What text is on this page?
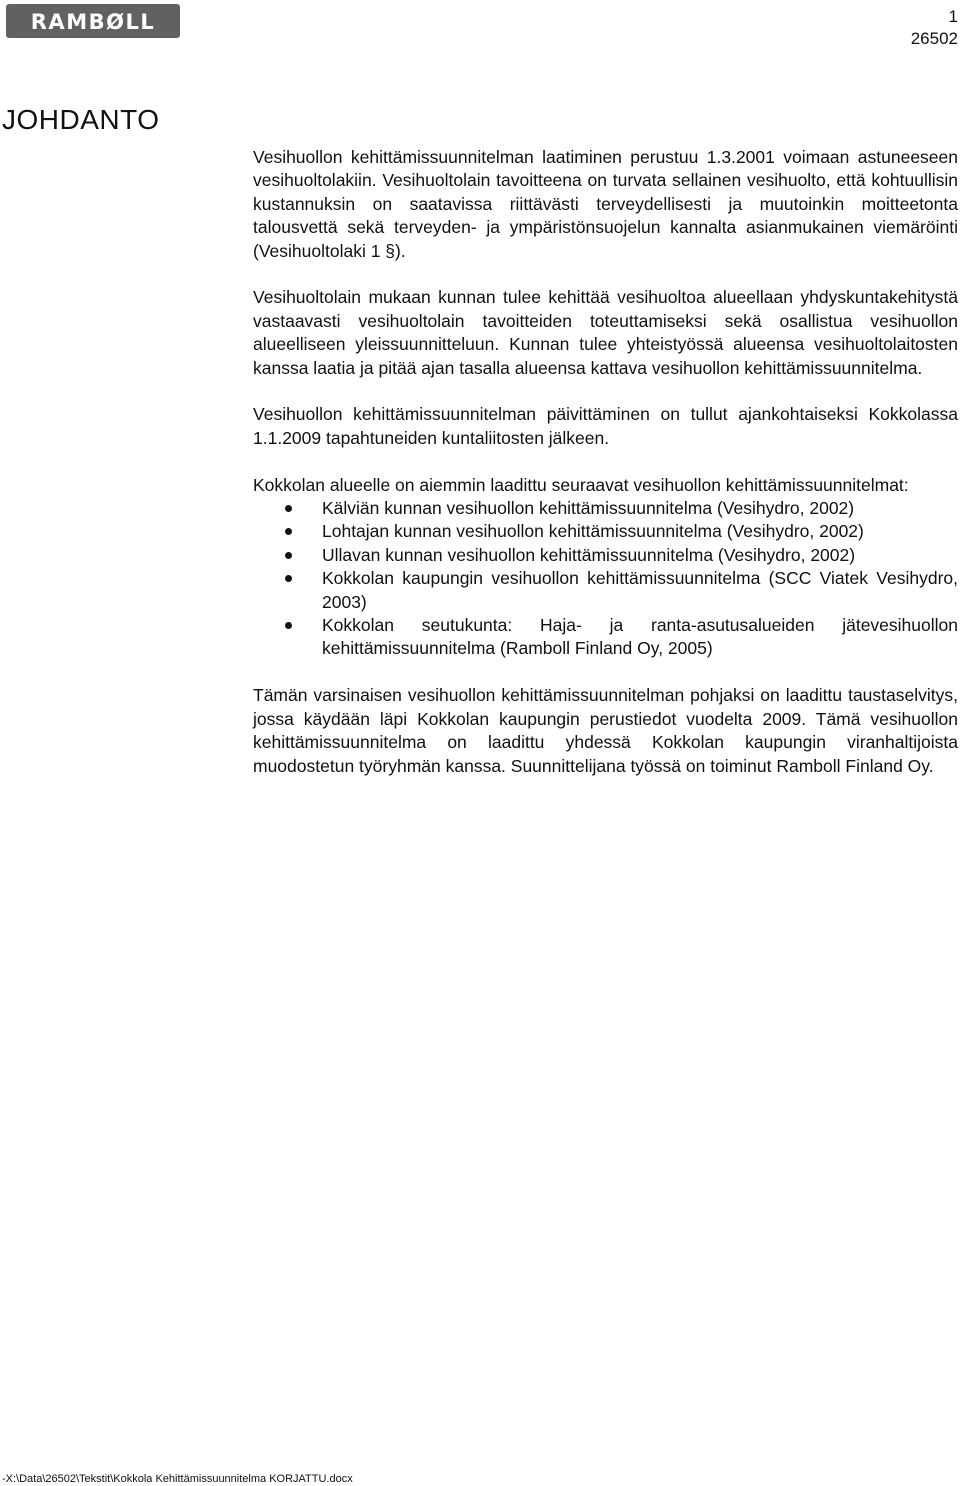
RAMBØLL	1
26502
JOHDANTO

Vesihuollon kehittämissuunnitelman laatiminen perustuu 1.3.2001 voimaan astuneeseen vesihuoltolakiin. Vesihuoltolain tavoitteena on turvata sellainen vesihuolto, että kohtuullisin kustannuksin on saatavissa riittävästi terveydellisesti ja muutoinkin moitteetonta talousvettä sekä terveyden- ja ympäristönsuojelun kannalta asianmukainen viemäröinti (Vesihuoltolaki 1 §).

Vesihuoltolain mukaan kunnan tulee kehittää vesihuoltoa alueellaan yhdyskuntakehitystä vastaavasti vesihuoltolain tavoitteiden toteuttamiseksi sekä osallistua vesihuollon alueelliseen yleissuunnitteluun. Kunnan tulee yhteistyössä alueensa vesihuoltolaitosten kanssa laatia ja pitää ajan tasalla alueensa kattava vesihuollon kehittämissuunnitelma.

Vesihuollon kehittämissuunnitelman päivittäminen on tullut ajankohtaiseksi Kokkolassa 1.1.2009 tapahtuneiden kuntaliitosten jälkeen.

Kokkolan alueelle on aiemmin laadittu seuraavat vesihuollon kehittämissuunnitelmat:

Kälviän kunnan vesihuollon kehittämissuunnitelma (Vesihydro, 2002)
Lohtajan kunnan vesihuollon kehittämissuunnitelma (Vesihydro, 2002)
Ullavan kunnan vesihuollon kehittämissuunnitelma (Vesihydro, 2002)
Kokkolan kaupungin vesihuollon kehittämissuunnitelma (SCC Viatek Vesihydro, 2003)
Kokkolan seutukunta: Haja- ja ranta-asutusalueiden jätevesihuollon kehittämissuunnitelma (Ramboll Finland Oy, 2005)

Tämän varsinaisen vesihuollon kehittämissuunnitelman pohjaksi on laadittu taustaselvitys, jossa käydään läpi Kokkolan kaupungin perustiedot vuodelta 2009. Tämä vesihuollon kehittämissuunnitelma on laadittu yhdessä Kokkolan kaupungin viranhaltijoista muodostetun työryhmän kanssa. Suunnittelijana työssä on toiminut Ramboll Finland Oy.

-X:\Data\26502\Tekstit\Kokkola Kehittämissuunnitelma KORJATTU.docx
